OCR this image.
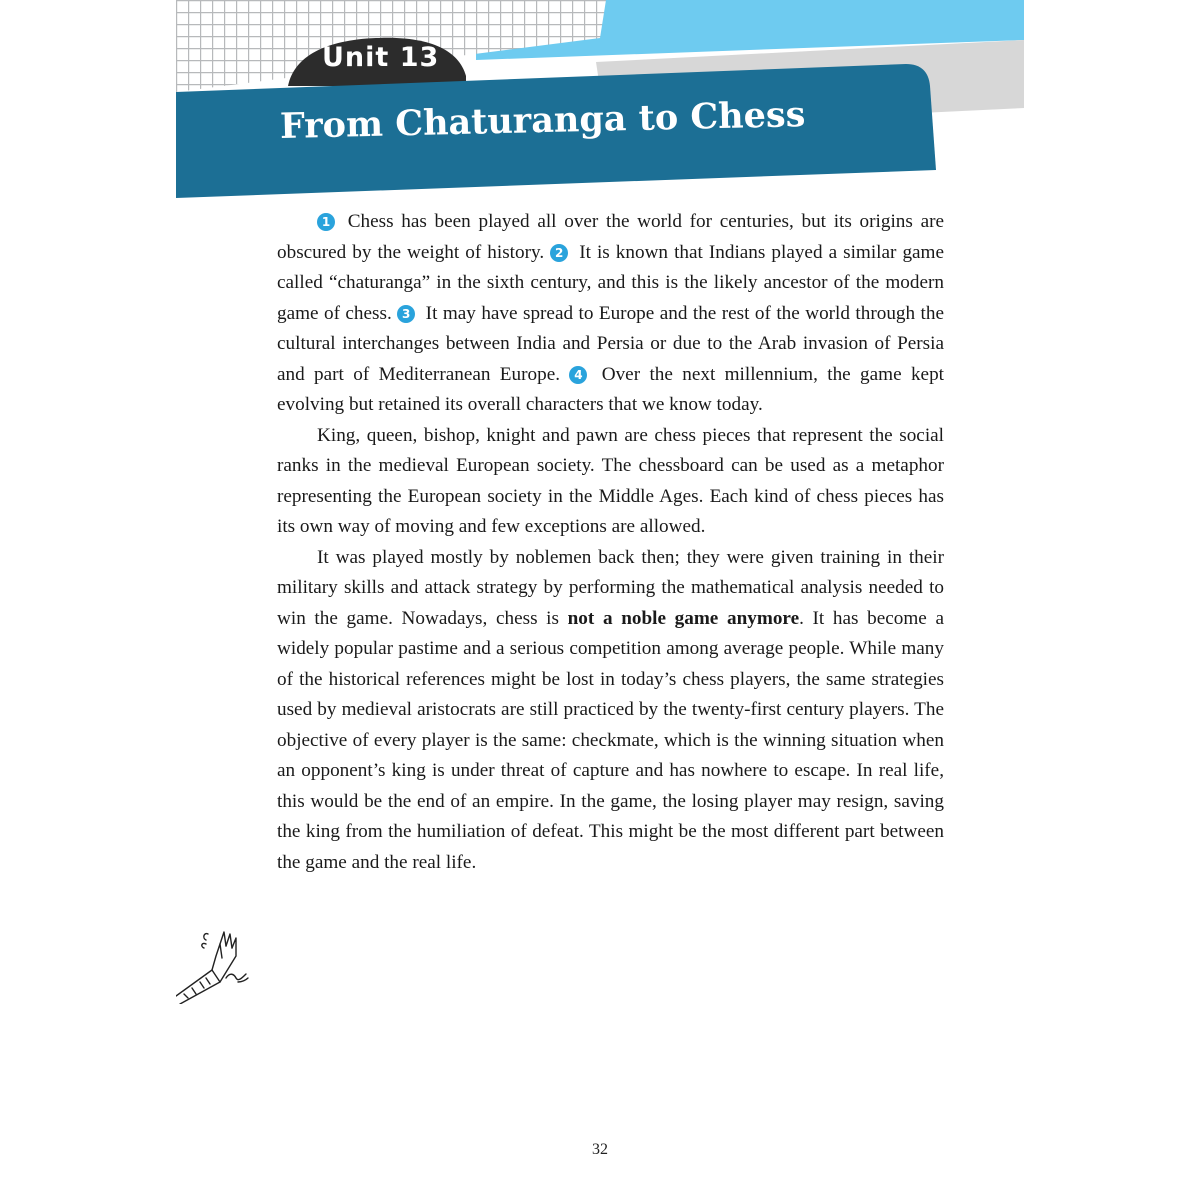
Unit 13
From Chaturanga to Chess

1 Chess has been played all over the world for centuries, but its origins are obscured by the weight of history. 2 It is known that Indians played a similar game called “chaturanga” in the sixth century, and this is the likely ancestor of the modern game of chess. 3 It may have spread to Europe and the rest of the world through the cultural interchanges between India and Persia or due to the Arab invasion of Persia and part of Mediterranean Europe. 4 Over the next millennium, the game kept evolving but retained its overall characters that we know today.

King, queen, bishop, knight and pawn are chess pieces that represent the social ranks in the medieval European society. The chessboard can be used as a metaphor representing the European society in the Middle Ages. Each kind of chess pieces has its own way of moving and few exceptions are allowed.

It was played mostly by noblemen back then; they were given training in their military skills and attack strategy by performing the mathematical analysis needed to win the game. Nowadays, chess is not a noble game anymore. It has become a widely popular pastime and a serious competition among average people. While many of the historical references might be lost in today’s chess players, the same strategies used by medieval aristocrats are still practiced by the twenty-first century players. The objective of every player is the same: checkmate, which is the winning situation when an opponent’s king is under threat of capture and has nowhere to escape. In real life, this would be the end of an empire. In the game, the losing player may resign, saving the king from the humiliation of defeat. This might be the most different part between the game and the real life.

32
